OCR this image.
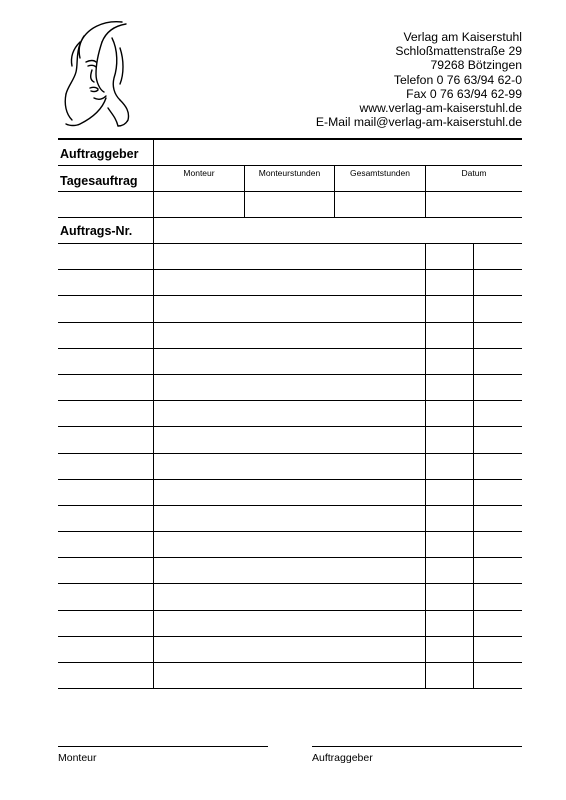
Verlag am Kaiserstuhl
Schloßmattenstraße 29
79268 Bötzingen
Telefon 0 76 63/94 62-0
Fax 0 76 63/94 62-99
www.verlag-am-kaiserstuhl.de
E-Mail mail@verlag-am-kaiserstuhl.de
Auftraggeber
Tagesauftrag
Monteur	Monteurstunden	Gesamtstunden	Datum
Auftrags-Nr.
Monteur	Auftraggeber
